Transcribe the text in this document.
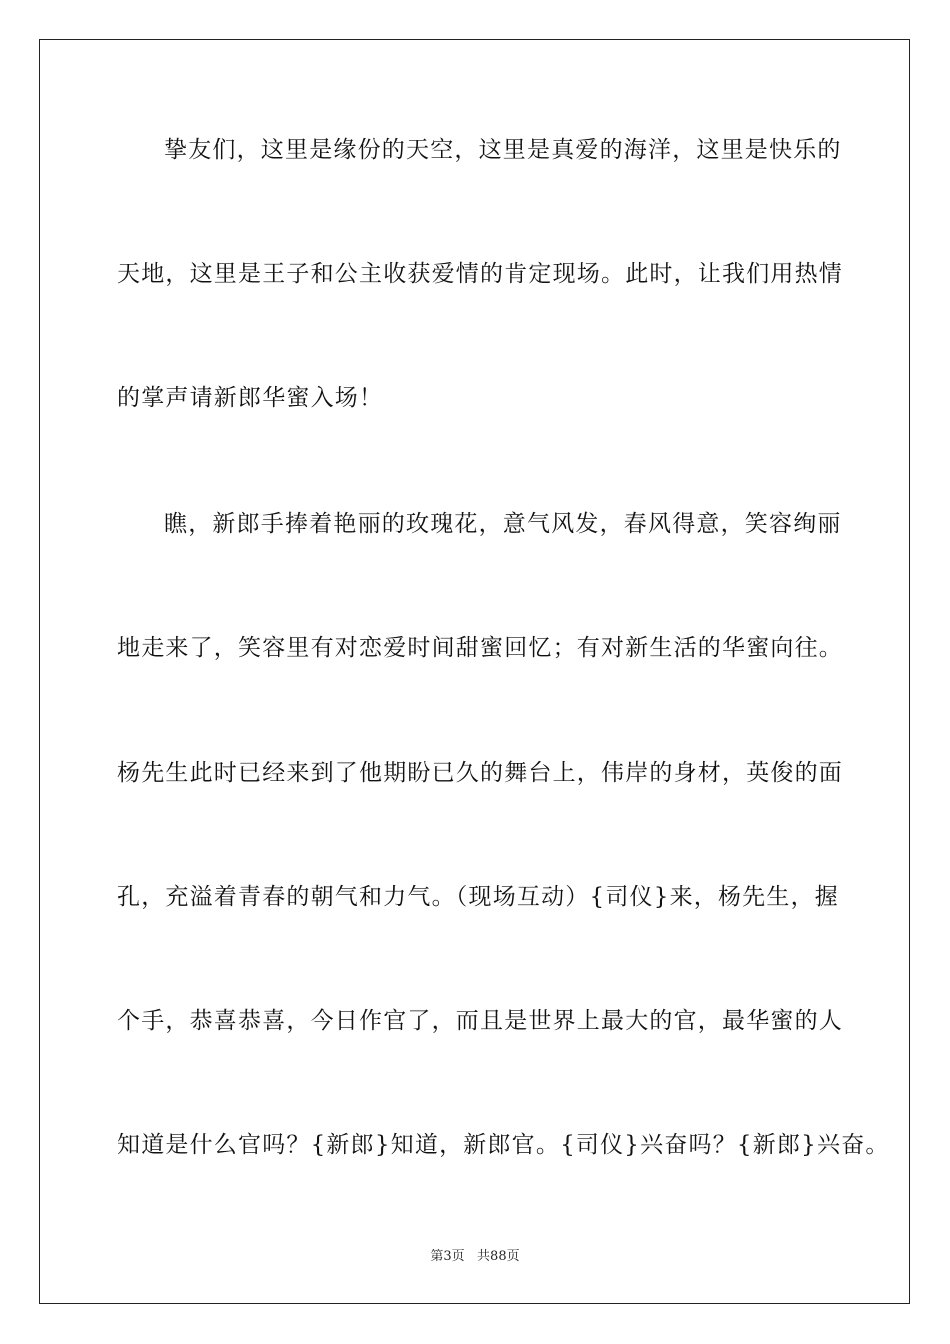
挚友们，这里是缘份的天空，这里是真爱的海洋，这里是快乐的
天地，这里是王子和公主收获爱情的肯定现场。此时，让我们用热情
的掌声请新郎华蜜入场！
瞧，新郎手捧着艳丽的玫瑰花，意气风发，春风得意，笑容绚丽
地走来了，笑容里有对恋爱时间甜蜜回忆；有对新生活的华蜜向往。
杨先生此时已经来到了他期盼已久的舞台上，伟岸的身材，英俊的面
孔，充溢着青春的朝气和力气。（现场互动）{司仪}来，杨先生，握
个手，恭喜恭喜，今日作官了，而且是世界上最大的官，最华蜜的人
知道是什么官吗？{新郎}知道，新郎官。{司仪}兴奋吗？{新郎}兴奋。
第3页   共88页
